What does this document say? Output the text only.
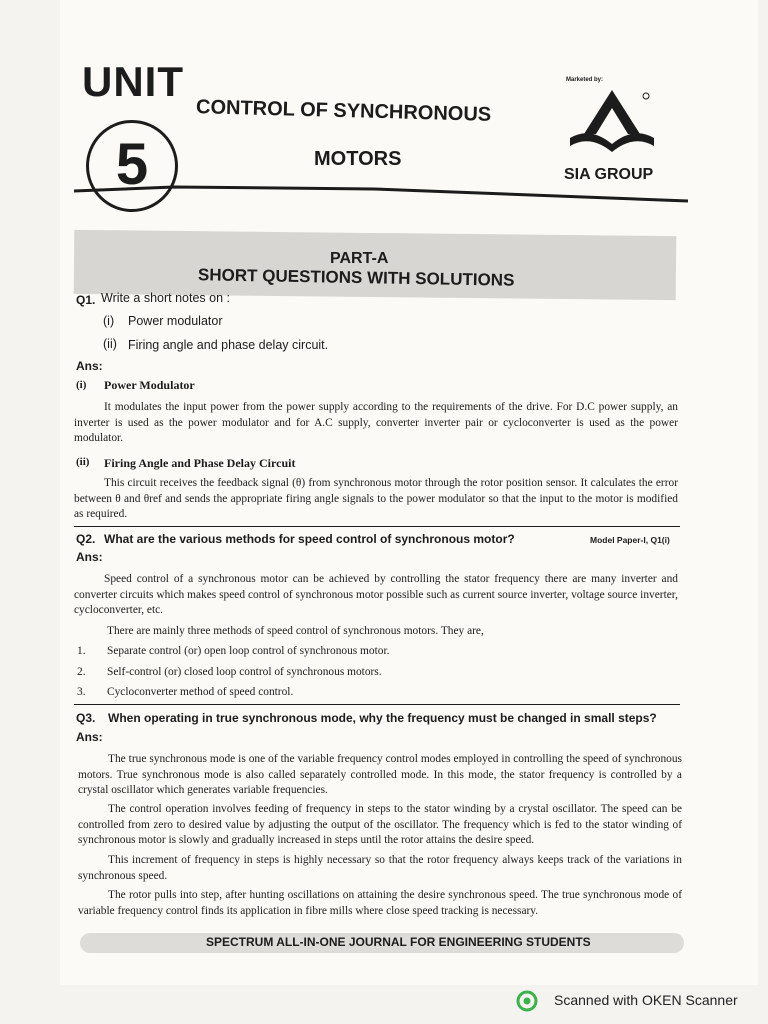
UNIT
5
CONTROL OF SYNCHRONOUS
MOTORS
Marketed by:
SIA GROUP
PART-A
SHORT QUESTIONS WITH SOLUTIONS
Q1. Write a short notes on :
(i) Power modulator
(ii) Firing angle and phase delay circuit.
Ans:
(i) Power Modulator
It modulates the input power from the power supply according to the requirements of the drive. For D.C power supply, an inverter is used as the power modulator and for A.C supply, converter inverter pair or cycloconverter is used as the power modulator.
(ii) Firing Angle and Phase Delay Circuit
This circuit receives the feedback signal (θ) from synchronous motor through the rotor position sensor. It calculates the error between θ and θref and sends the appropriate firing angle signals to the power modulator so that the input to the motor is modified as required.
Q2. What are the various methods for speed control of synchronous motor?	Model Paper-I, Q1(i)
Ans:
Speed control of a synchronous motor can be achieved by controlling the stator frequency there are many inverter and converter circuits which makes speed control of synchronous motor possible such as current source inverter, voltage source inverter, cycloconverter, etc.
There are mainly three methods of speed control of synchronous motors. They are,
1. Separate control (or) open loop control of synchronous motor.
2. Self-control (or) closed loop control of synchronous motors.
3. Cycloconverter method of speed control.
Q3. When operating in true synchronous mode, why the frequency must be changed in small steps?
Ans:
The true synchronous mode is one of the variable frequency control modes employed in controlling the speed of synchronous motors. True synchronous mode is also called separately controlled mode. In this mode, the stator frequency is controlled by a crystal oscillator which generates variable frequencies.
The control operation involves feeding of frequency in steps to the stator winding by a crystal oscillator. The speed can be controlled from zero to desired value by adjusting the output of the oscillator. The frequency which is fed to the stator winding of synchronous motor is slowly and gradually increased in steps until the rotor attains the desire speed.
This increment of frequency in steps is highly necessary so that the rotor frequency always keeps track of the variations in synchronous speed.
The rotor pulls into step, after hunting oscillations on attaining the desire synchronous speed. The true synchronous mode of variable frequency control finds its application in fibre mills where close speed tracking is necessary.
SPECTRUM ALL-IN-ONE JOURNAL FOR ENGINEERING STUDENTS
Scanned with OKEN Scanner
